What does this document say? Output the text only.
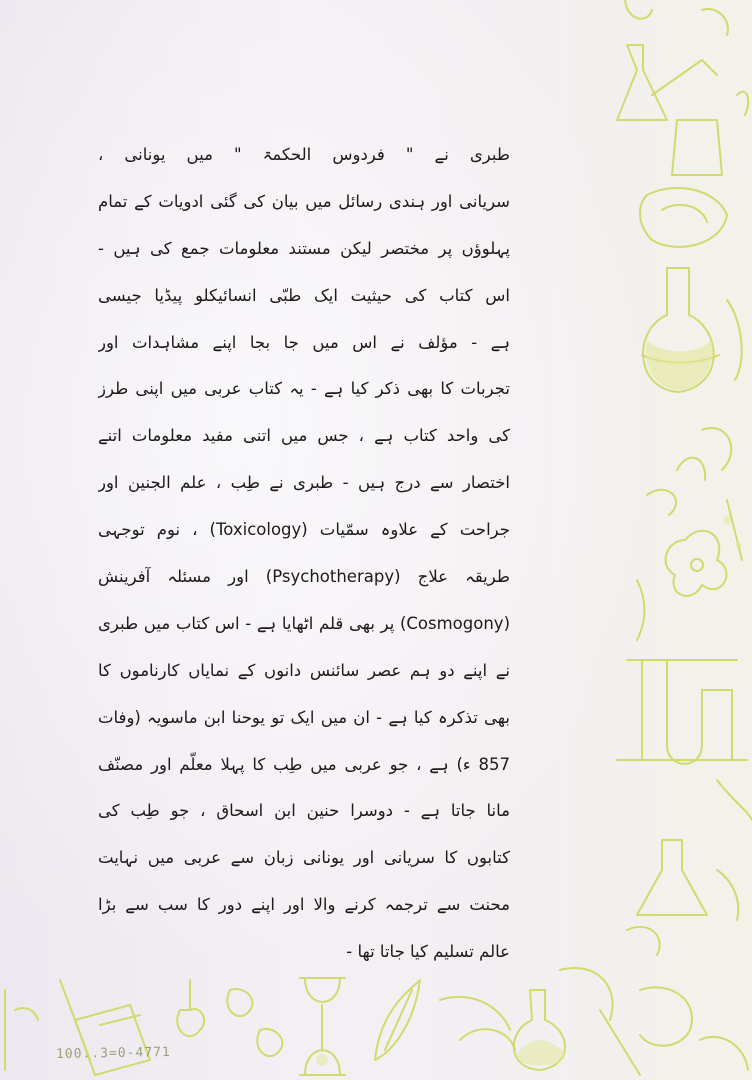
100..3=0-4771
طبری نے " فردوس الحکمۃ " میں یونانی ،
سریانی اور ہندی رسائل میں بیان کی گئی ادویات کے تمام
پہلوؤں پر مختصر لیکن مستند معلومات جمع کی ہیں -
اس کتاب کی حیثیت ایک طبّی انسائیکلو پیڈیا جیسی
ہے - مؤلف نے اس میں جا بجا اپنے مشاہدات اور
تجربات کا بھی ذکر کیا ہے - یہ کتاب عربی میں اپنی طرز
کی واحد کتاب ہے ، جس میں اتنی مفید معلومات اتنے
اختصار سے درج ہیں - طبری نے طِب ، علم الجنین اور
جراحت کے علاوہ سمّیات (Toxicology) ، نوم توجہی
طریقہ علاج (Psychotherapy) اور مسئلہ آفرینش
(Cosmogony) پر بھی قلم اٹھایا ہے - اس کتاب میں طبری
نے اپنے دو ہم عصر سائنس دانوں کے نمایاں کارناموں کا
بھی تذکرہ کیا ہے - ان میں ایک تو یوحنا ابن ماسویہ (وفات
857 ء) ہے ، جو عربی میں طِب کا پہلا معلّم اور مصنّف
مانا جاتا ہے - دوسرا حنین ابن اسحاق ، جو طِب کی
کتابوں کا سریانی اور یونانی زبان سے عربی میں نہایت
محنت سے ترجمہ کرنے والا اور اپنے دور کا سب سے بڑا
عالم تسلیم کیا جاتا تھا -
